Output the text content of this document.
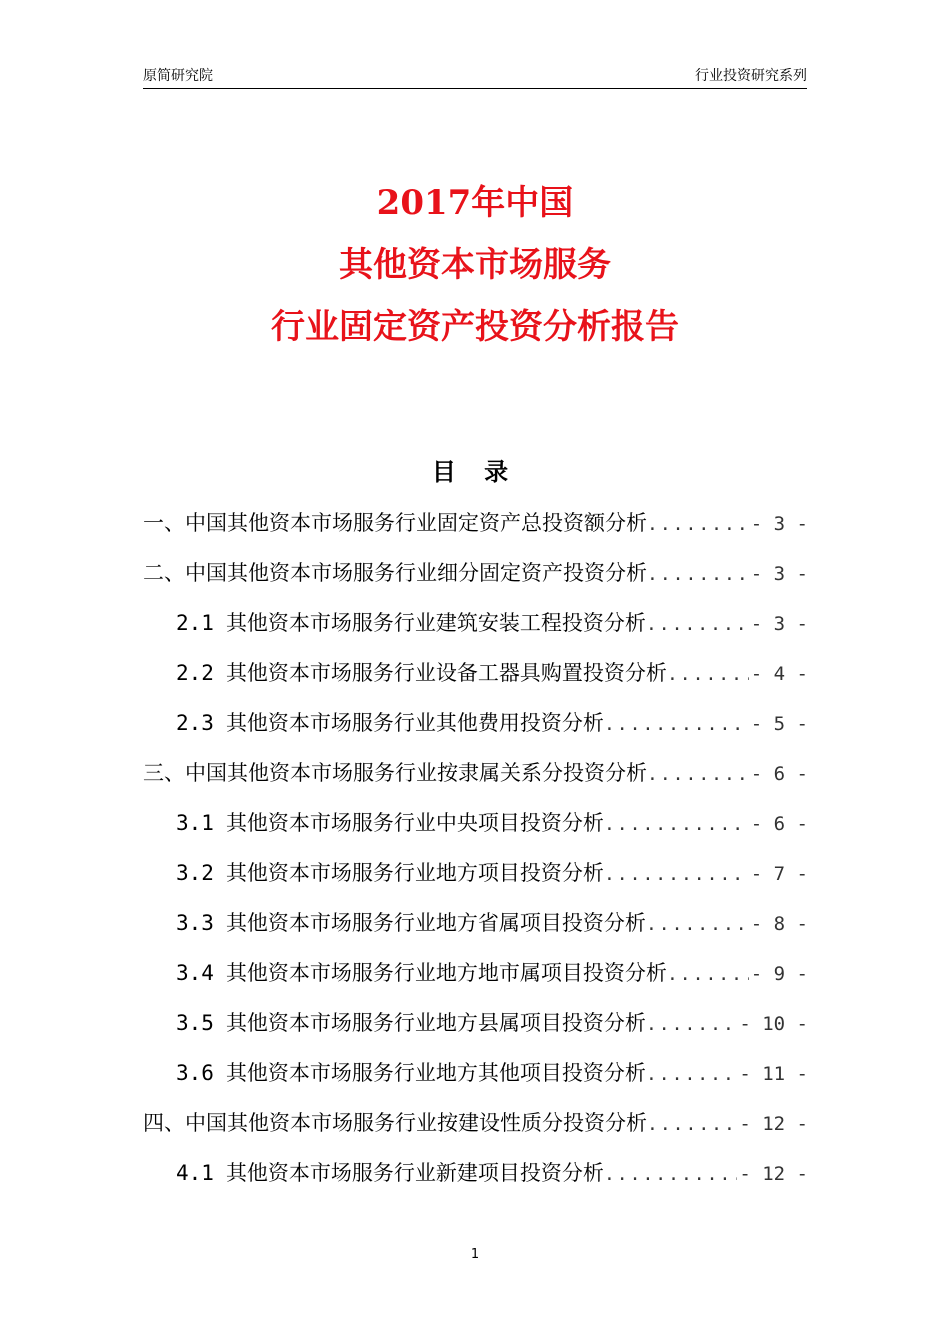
原简研究院	行业投资研究系列
2017年中国
其他资本市场服务
行业固定资产投资分析报告
目 录
一、中国其他资本市场服务行业固定资产总投资额分析 .....	- 3 -
二、中国其他资本市场服务行业细分固定资产投资分析 .....	- 3 -
2.1 其他资本市场服务行业建筑安装工程投资分析 .....	- 3 -
2.2 其他资本市场服务行业设备工器具购置投资分析 .....	- 4 -
2.3 其他资本市场服务行业其他费用投资分析 .....	- 5 -
三、中国其他资本市场服务行业按隶属关系分投资分析 .....	- 6 -
3.1 其他资本市场服务行业中央项目投资分析 .....	- 6 -
3.2 其他资本市场服务行业地方项目投资分析 .....	- 7 -
3.3 其他资本市场服务行业地方省属项目投资分析 .....	- 8 -
3.4 其他资本市场服务行业地方地市属项目投资分析 .....	- 9 -
3.5 其他资本市场服务行业地方县属项目投资分析 .....	- 10 -
3.6 其他资本市场服务行业地方其他项目投资分析 .....	- 11 -
四、中国其他资本市场服务行业按建设性质分投资分析 .....	- 12 -
4.1 其他资本市场服务行业新建项目投资分析 .....	- 12 -
1
